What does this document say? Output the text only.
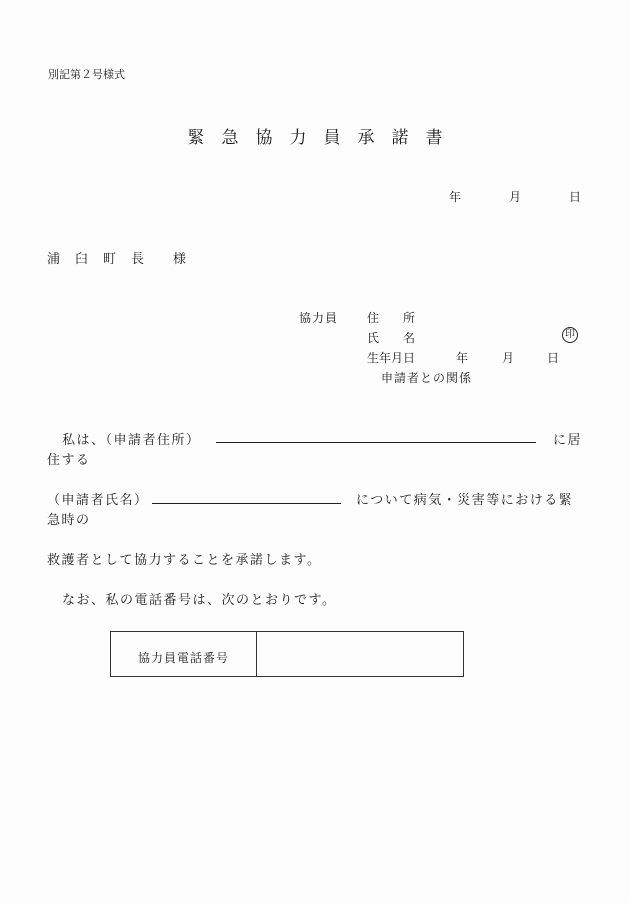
別記第２号様式
緊急協力員承諾書
年	月	日
浦　臼　町　長　　様
協力員 住　　所
氏　　名	印
生年月日	年	月	日
申請者との関係
私は、（申請者住所）	に居
住する
（申請者氏名）	について病気・災害等における緊
急時の
救護者として協力することを承諾します。
なお、私の電話番号は、次のとおりです。
協力員電話番号	
